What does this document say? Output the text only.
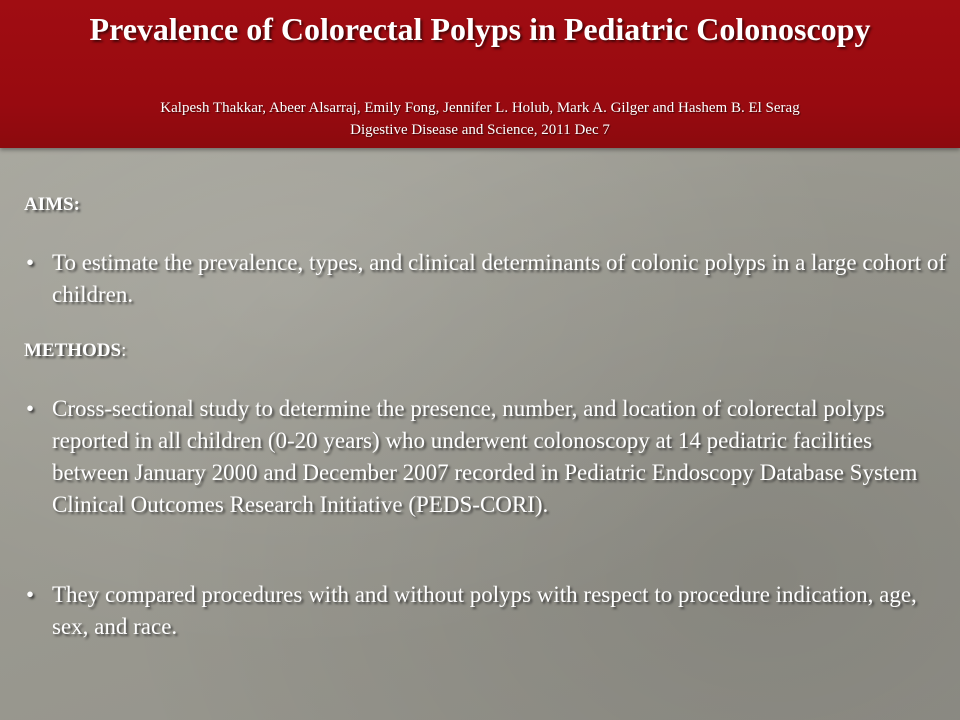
Prevalence of Colorectal Polyps in Pediatric Colonoscopy

Kalpesh Thakkar, Abeer Alsarraj, Emily Fong, Jennifer L. Holub, Mark A. Gilger and Hashem B. El Serag

Digestive Disease and Science, 2011 Dec 7

AIMS:

• To estimate the prevalence, types, and clinical determinants of colonic polyps in a large cohort of children.

METHODS:

• Cross-sectional study to determine the presence, number, and location of colorectal polyps reported in all children (0-20 years) who underwent colonoscopy at 14 pediatric facilities between January 2000 and December 2007 recorded in Pediatric Endoscopy Database System Clinical Outcomes Research Initiative (PEDS-CORI).

• They compared procedures with and without polyps with respect to procedure indication, age, sex, and race.
